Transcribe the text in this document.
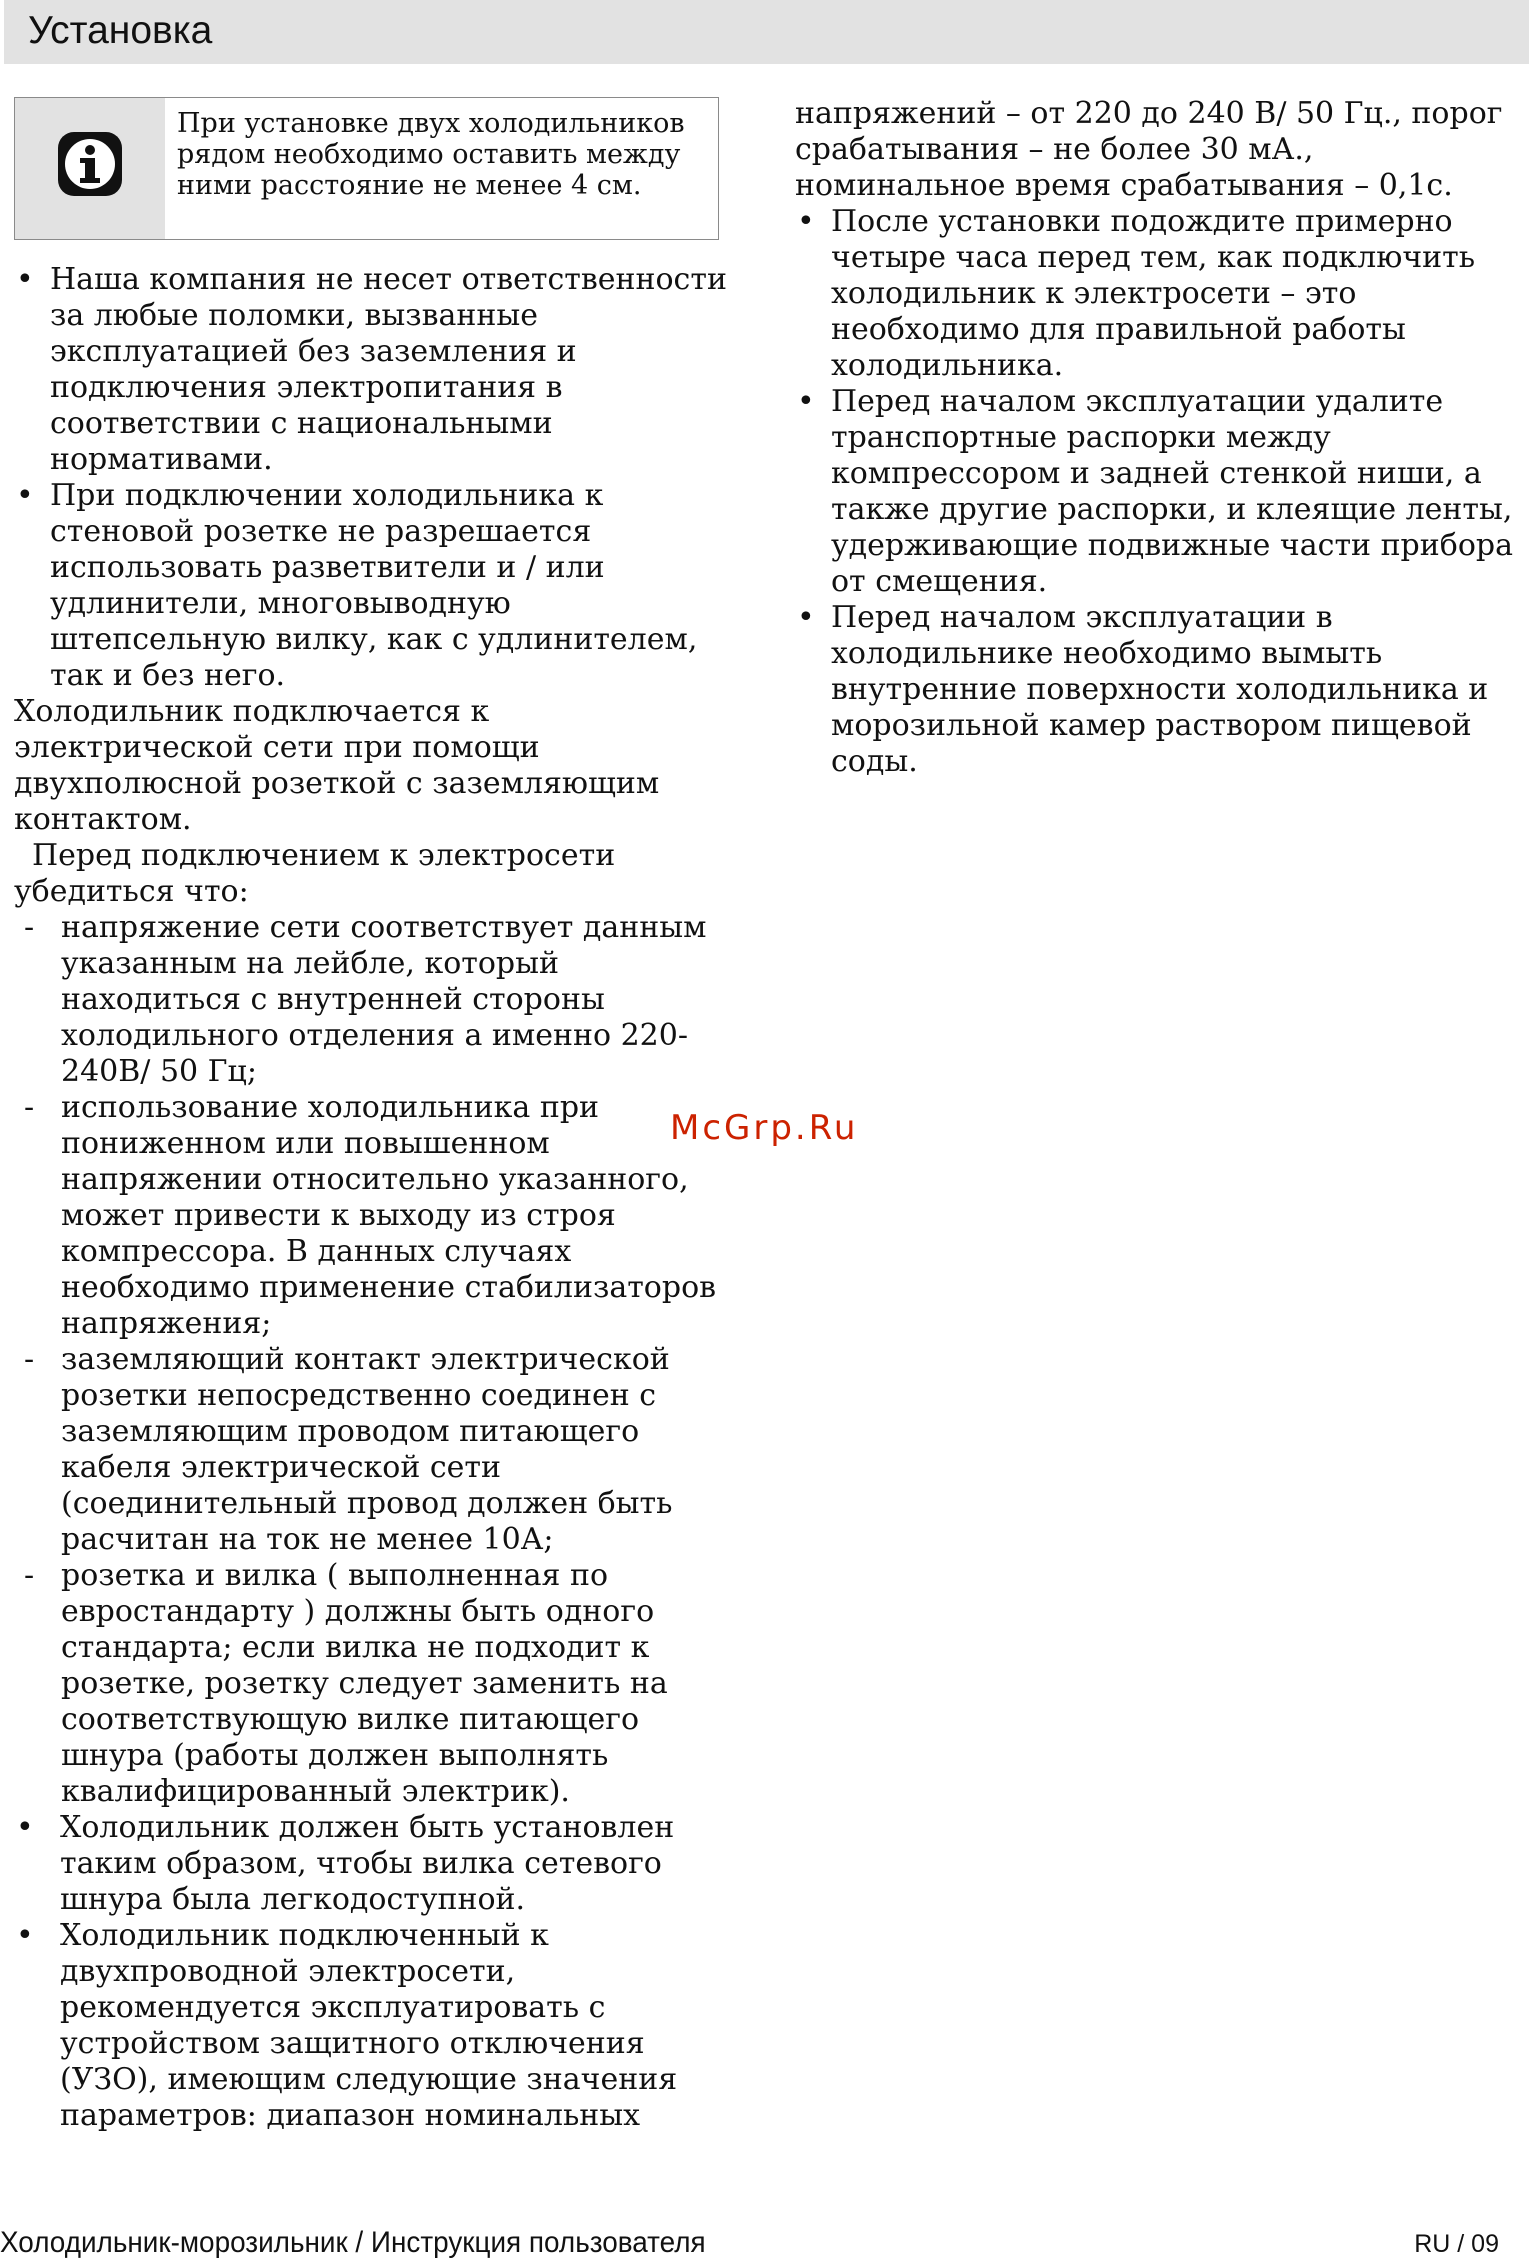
Установка
При установке двух холодильников рядом необходимо оставить между ними расстояние не менее 4 см.

• Наша компания не несет ответственности за любые поломки, вызванные эксплуатацией без заземления и подключения электропитания в соответствии с национальными нормативами.

• При подключении холодильника к стеновой розетке не разрешается использовать разветвители и / или удлинители, многовыводную штепсельную вилку, как с удлинителем, так и без него.

Холодильник подключается к электрической сети при помощи двухполюсной розеткой с заземляющим контактом.

Перед подключением к электросети убедиться что:

- напряжение сети соответствует данным указанным на лейбле, который находиться с внутренней стороны холодильного отделения а именно 220-240В/ 50 Гц;

- использование холодильника при пониженном или повышенном напряжении относительно указанного, может привести к выходу из строя компрессора. В данных случаях необходимо применение стабилизаторов напряжения;

- заземляющий контакт электрической розетки непосредственно соединен с заземляющим проводом питающего кабеля электрической сети (соединительный провод должен быть расчитан на ток не менее 10А;

- розетка и вилка ( выполненная по евростандарту ) должны быть одного стандарта; если вилка не подходит к розетке, розетку следует заменить на соответствующую вилке питающего шнура (работы должен выполнять квалифицированный электрик).

• Холодильник должен быть установлен таким образом, чтобы вилка сетевого шнура была легкодоступной.

• Холодильник подключенный к двухпроводной электросети, рекомендуется эксплуатировать с устройством защитного отключения (УЗО), имеющим следующие значения параметров: диапазон номинальных

напряжений – от 220 до 240 В/ 50 Гц., порог срабатывания – не более 30 мА., номинальное время срабатывания – 0,1с.

• После установки подождите примерно четыре часа перед тем, как подключить холодильник к электросети – это необходимо для правильной работы холодильника.

• Перед началом эксплуатации удалите транспортные распорки между компрессором и задней стенкой ниши, а также другие распорки, и клеящие ленты, удерживающие подвижные части прибора от смещения.

• Перед началом эксплуатации в холодильнике необходимо вымыть внутренние поверхности холодильника и морозильной камер раствором пищевой соды.

McGrp.Ru
Холодильник-морозильник / Инструкция пользователя	RU / 09
